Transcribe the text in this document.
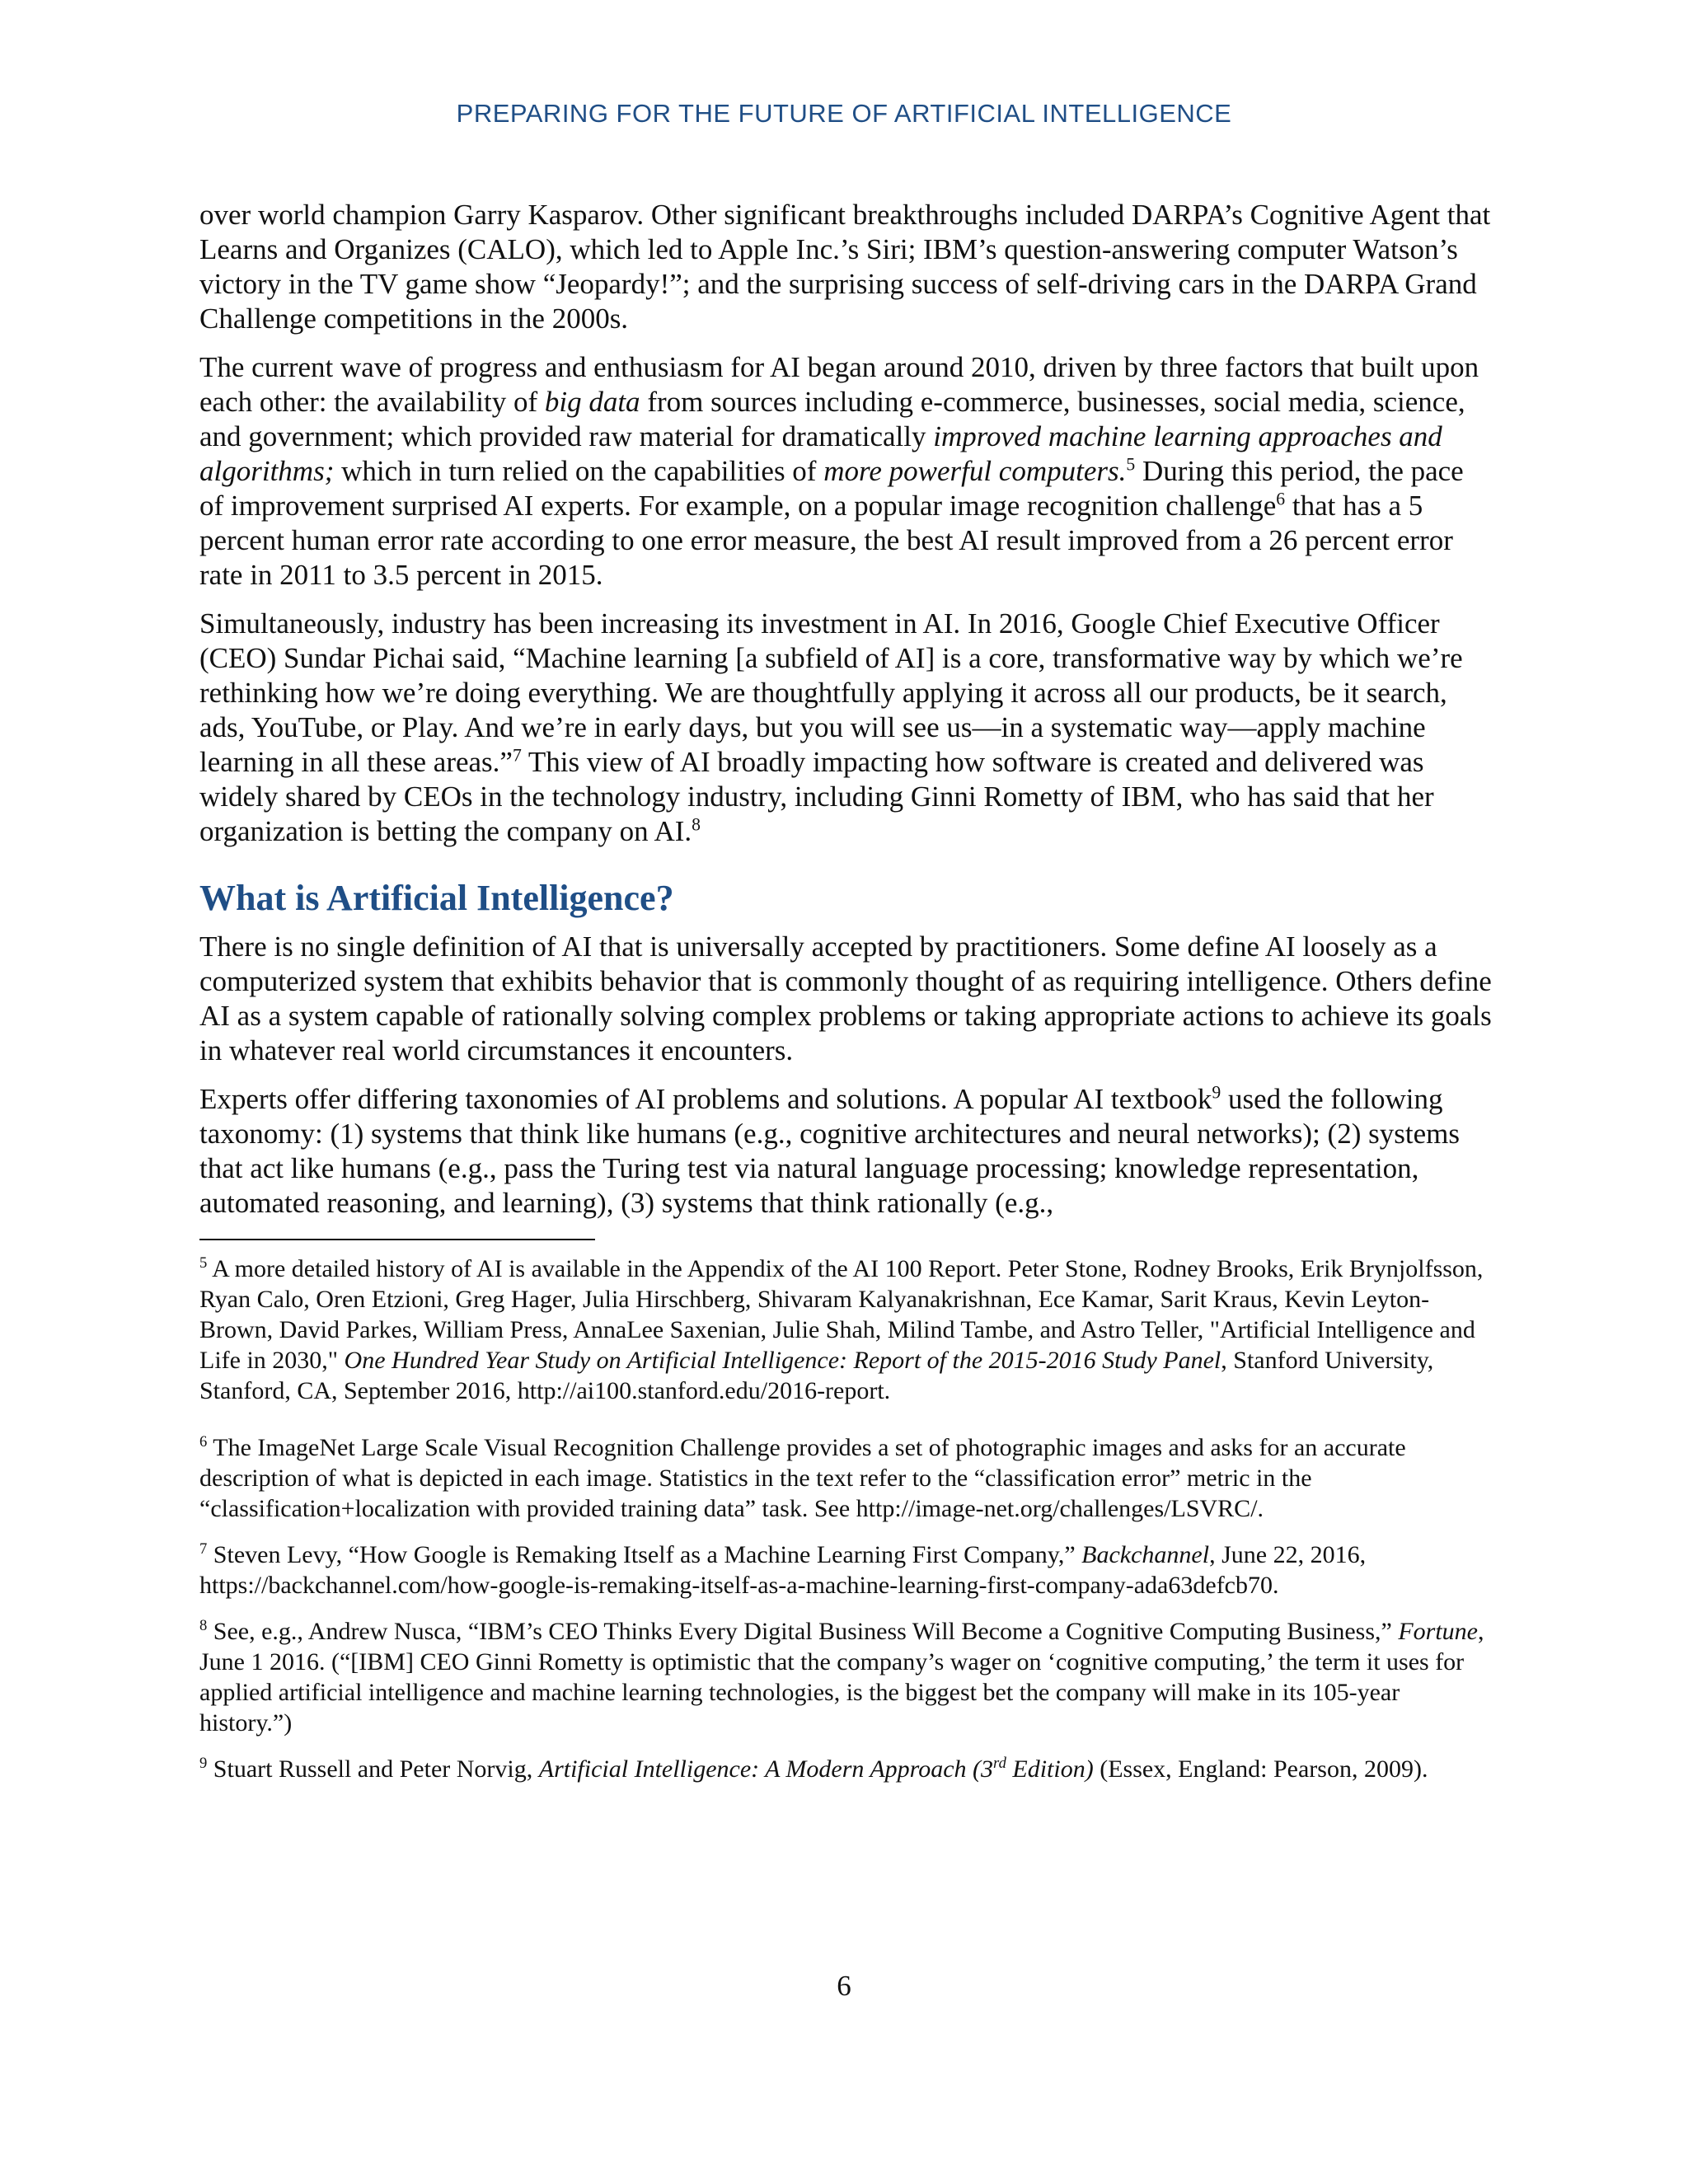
PREPARING FOR THE FUTURE OF ARTIFICIAL INTELLIGENCE

over world champion Garry Kasparov. Other significant breakthroughs included DARPA’s Cognitive Agent that Learns and Organizes (CALO), which led to Apple Inc.’s Siri; IBM’s question-answering computer Watson’s victory in the TV game show “Jeopardy!”; and the surprising success of self-driving cars in the DARPA Grand Challenge competitions in the 2000s.

The current wave of progress and enthusiasm for AI began around 2010, driven by three factors that built upon each other: the availability of big data from sources including e-commerce, businesses, social media, science, and government; which provided raw material for dramatically improved machine learning approaches and algorithms; which in turn relied on the capabilities of more powerful computers.$^5$ During this period, the pace of improvement surprised AI experts. For example, on a popular image recognition challenge$^6$ that has a 5 percent human error rate according to one error measure, the best AI result improved from a 26 percent error rate in 2011 to 3.5 percent in 2015.

Simultaneously, industry has been increasing its investment in AI. In 2016, Google Chief Executive Officer (CEO) Sundar Pichai said, “Machine learning [a subfield of AI] is a core, transformative way by which we’re rethinking how we’re doing everything. We are thoughtfully applying it across all our products, be it search, ads, YouTube, or Play. And we’re in early days, but you will see us—in a systematic way—apply machine learning in all these areas.”$^7$ This view of AI broadly impacting how software is created and delivered was widely shared by CEOs in the technology industry, including Ginni Rometty of IBM, who has said that her organization is betting the company on AI.$^8$

What is Artificial Intelligence?

There is no single definition of AI that is universally accepted by practitioners. Some define AI loosely as a computerized system that exhibits behavior that is commonly thought of as requiring intelligence. Others define AI as a system capable of rationally solving complex problems or taking appropriate actions to achieve its goals in whatever real world circumstances it encounters.

Experts offer differing taxonomies of AI problems and solutions. A popular AI textbook$^9$ used the following taxonomy: (1) systems that think like humans (e.g., cognitive architectures and neural networks); (2) systems that act like humans (e.g., pass the Turing test via natural language processing; knowledge representation, automated reasoning, and learning), (3) systems that think rationally (e.g.,

$^5$ A more detailed history of AI is available in the Appendix of the AI 100 Report. Peter Stone, Rodney Brooks, Erik Brynjolfsson, Ryan Calo, Oren Etzioni, Greg Hager, Julia Hirschberg, Shivaram Kalyanakrishnan, Ece Kamar, Sarit Kraus, Kevin Leyton-Brown, David Parkes, William Press, AnnaLee Saxenian, Julie Shah, Milind Tambe, and Astro Teller, "Artificial Intelligence and Life in 2030," One Hundred Year Study on Artificial Intelligence: Report of the 2015-2016 Study Panel, Stanford University, Stanford, CA, September 2016, http://ai100.stanford.edu/2016-report.

$^6$ The ImageNet Large Scale Visual Recognition Challenge provides a set of photographic images and asks for an accurate description of what is depicted in each image. Statistics in the text refer to the “classification error” metric in the “classification+localization with provided training data” task. See http://image-net.org/challenges/LSVRC/.

$^7$ Steven Levy, “How Google is Remaking Itself as a Machine Learning First Company,” Backchannel, June 22, 2016, https://backchannel.com/how-google-is-remaking-itself-as-a-machine-learning-first-company-ada63defcb70.

$^8$ See, e.g., Andrew Nusca, “IBM’s CEO Thinks Every Digital Business Will Become a Cognitive Computing Business,” Fortune, June 1 2016. (“[IBM] CEO Ginni Rometty is optimistic that the company’s wager on ‘cognitive computing,’ the term it uses for applied artificial intelligence and machine learning technologies, is the biggest bet the company will make in its 105-year history.”)

$^9$ Stuart Russell and Peter Norvig, Artificial Intelligence: A Modern Approach (3rd Edition) (Essex, England: Pearson, 2009).

6
